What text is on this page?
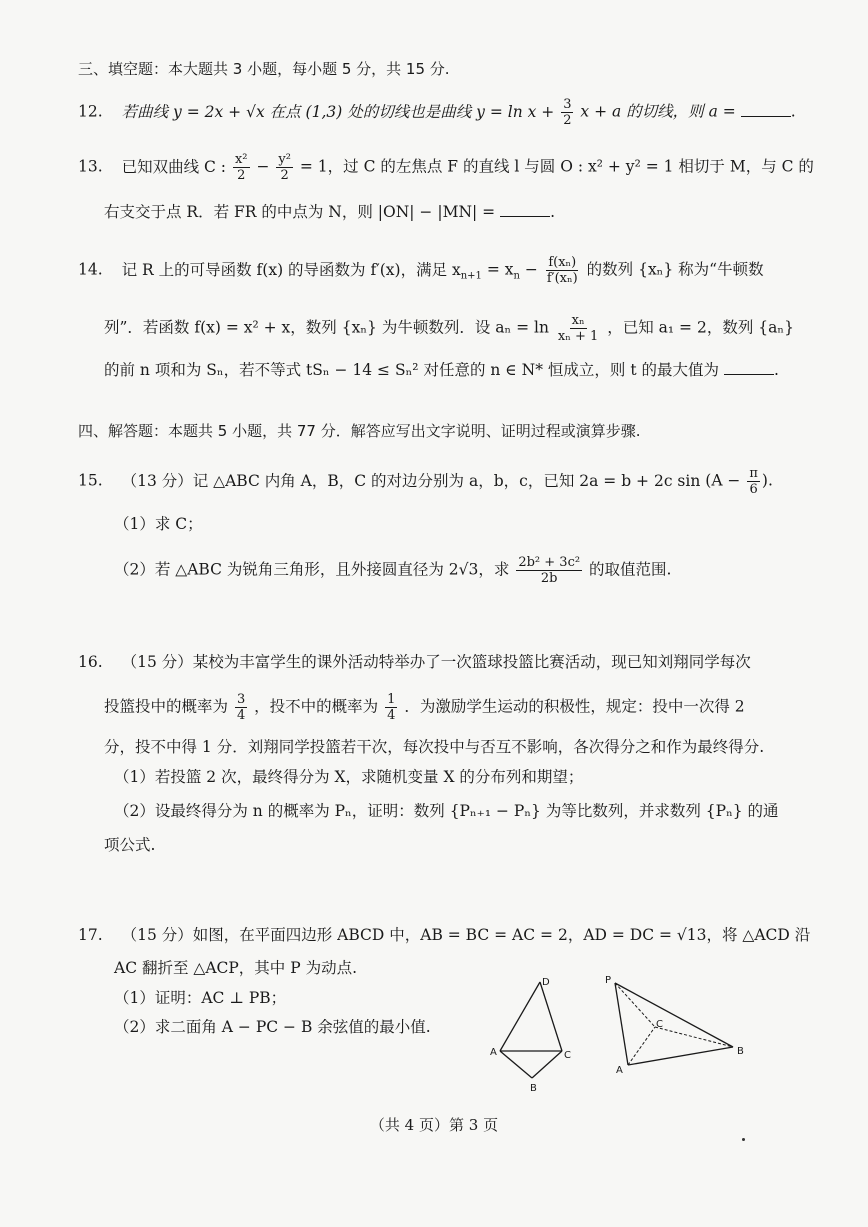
三、填空题：本大题共 3 小题，每小题 5 分，共 15 分.
12. 若曲线 y = 2x + √x 在点 (1,3) 处的切线也是曲线 $y = \ln x + \frac{3}{2}$ x + a 的切线，则 a =	.
13. 已知双曲线 C : $\frac{\text{x²}}{2} - \frac{\text{y²}}{2} = 1$，过 C 的左焦点 F 的直线 l 与圆 O : x² + y² = 1 相切于 M，与 C 的
右支交于点 R．若 FR 的中点为 N，则 |ON| − |MN| =	.
14. 记 R 上的可导函数 f(x) 的导函数为 f′(x)，满足 $x_{n+1} = x_n - \frac{\text{f(xₙ)}}{\text{f′(xₙ)}}$ 的数列 {xₙ} 称为“牛顿数
列”．若函数 f(x) = x² + x，数列 {xₙ} 为牛顿数列．设 $a_n = \ln \frac{\text{xₙ}}{\text{xₙ + 1}}$ ，已知 a₁ = 2，数列 {aₙ}
的前 n 项和为 Sₙ，若不等式 tSₙ − 14 ≤ Sₙ² 对任意的 n ∈ N* 恒成立，则 t 的最大值为	.
四、解答题：本题共 5 小题，共 77 分．解答应写出文字说明、证明过程或演算步骤.
15. （13 分）记 △ABC 内角 A，B，C 的对边分别为 a，b，c，已知 2a = b + 2c $\sin (A - \frac{\pi}{6}$ ).
（1）求 C；
（2）若 △ABC 为锐角三角形，且外接圆直径为 2√3，求 $\frac{\text{2b² + 3c²}}{2b}$ 的取值范围.
16. （15 分）某校为丰富学生的课外活动特举办了一次篮球投篮比赛活动，现已知刘翔同学每次
投篮投中的概率为 $\frac{3}{4}$ ，投不中的概率为 $\frac{1}{4}$ ．为激励学生运动的积极性，规定：投中一次得 2
分，投不中得 1 分．刘翔同学投篮若干次，每次投中与否互不影响，各次得分之和作为最终得分.
（1）若投篮 2 次，最终得分为 X，求随机变量 X 的分布列和期望；
（2）设最终得分为 n 的概率为 Pₙ，证明：数列 {Pₙ₊₁ − Pₙ} 为等比数列，并求数列 {Pₙ} 的通
项公式.
17. （15 分）如图，在平面四边形 ABCD 中，AB = BC = AC = 2，AD = DC = √13，将 △ACD 沿
AC 翻折至 △ACP，其中 P 为动点.
（1）证明：AC ⊥ PB；
（2）求二面角 A − PC − B 余弦值的最小值.
D
A	C
B
P
C
A
B
（共 4 页）第 3 页
